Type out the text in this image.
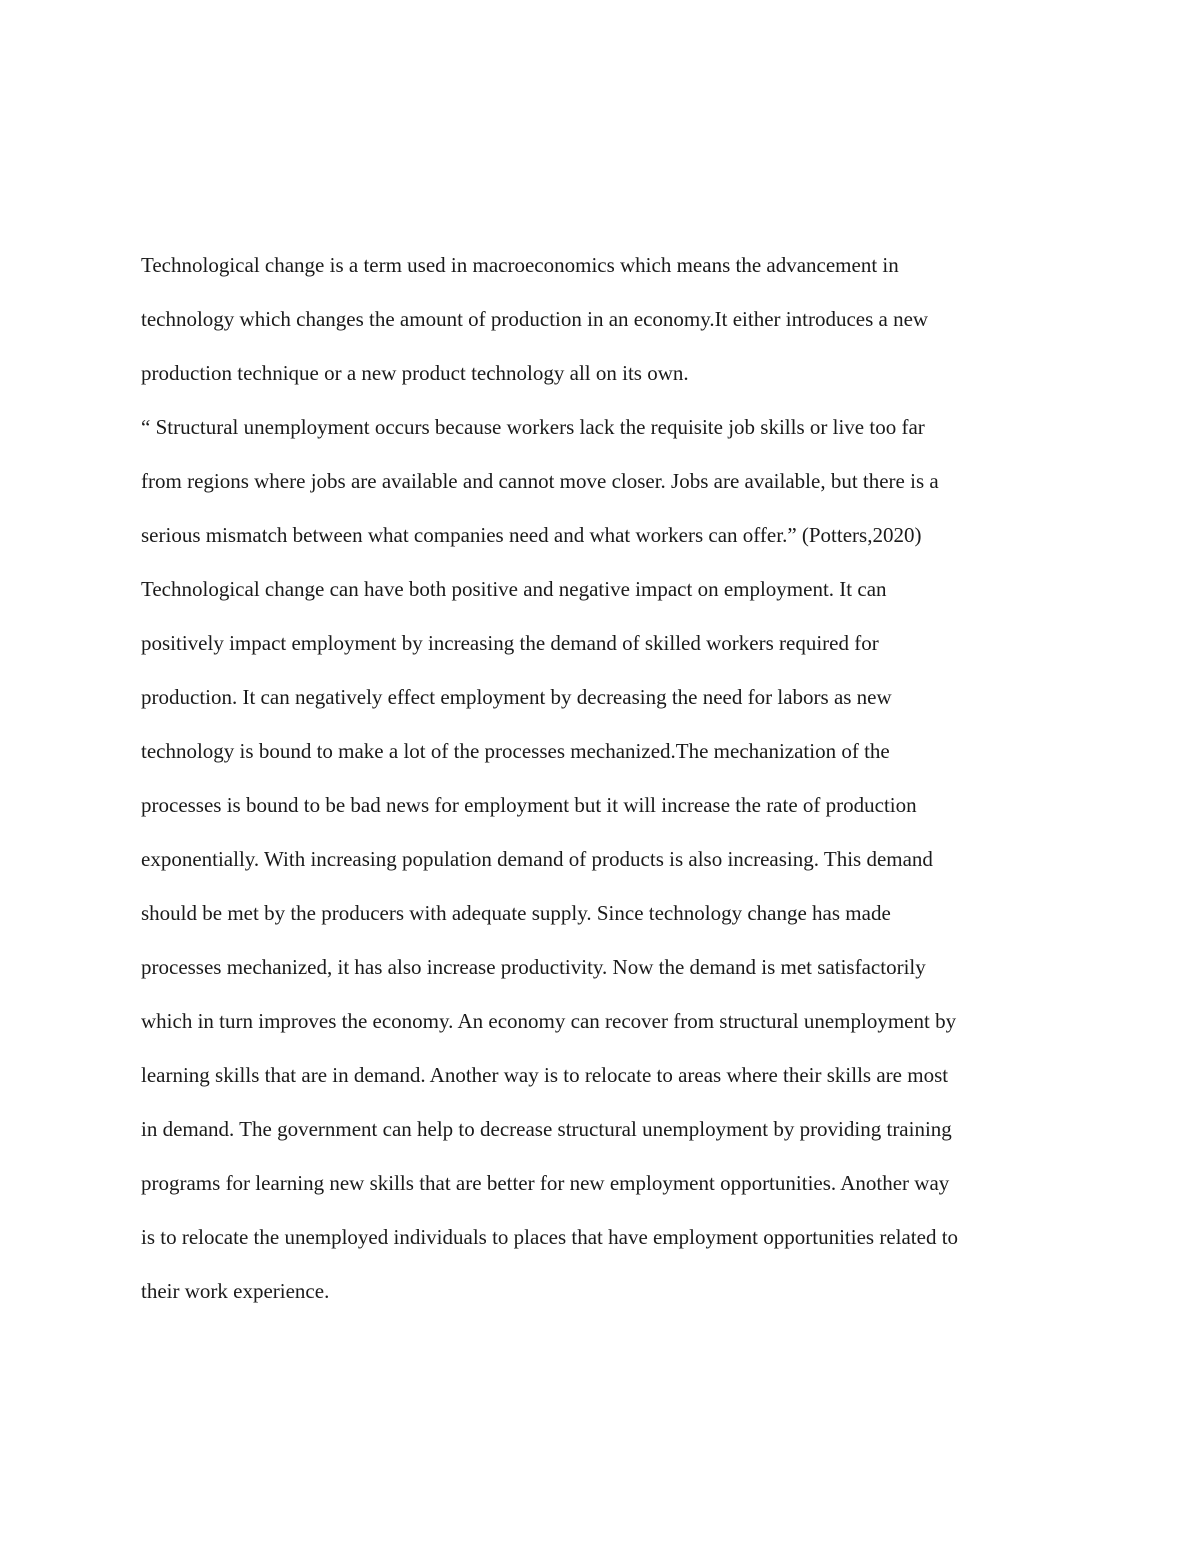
Technological change is a term used in macroeconomics which means the advancement in
technology which changes the amount of production in an economy.It either introduces a new
production technique or a new product technology all on its own.
“ Structural unemployment occurs because workers lack the requisite job skills or live too far
from regions where jobs are available and cannot move closer. Jobs are available, but there is a
serious mismatch between what companies need and what workers can offer.” (Potters,2020)
Technological change can have both positive and negative impact on employment. It can
positively impact employment by increasing the demand of skilled workers required for
production. It can negatively effect employment by decreasing the need for labors as new
technology is bound to make a lot of the processes mechanized.The mechanization of the
processes is bound to be bad news for employment but it will increase the rate of production
exponentially. With increasing population demand of products is also increasing. This demand
should be met by the producers with adequate supply. Since technology change has made
processes mechanized, it has also increase productivity. Now the demand is met satisfactorily
which in turn improves the economy. An economy can recover from structural unemployment by
learning skills that are in demand. Another way is to relocate to areas where their skills are most
in demand. The government can help to decrease structural unemployment by providing training
programs for learning new skills that are better for new employment opportunities. Another way
is to relocate the unemployed individuals to places that have employment opportunities related to
their work experience.
